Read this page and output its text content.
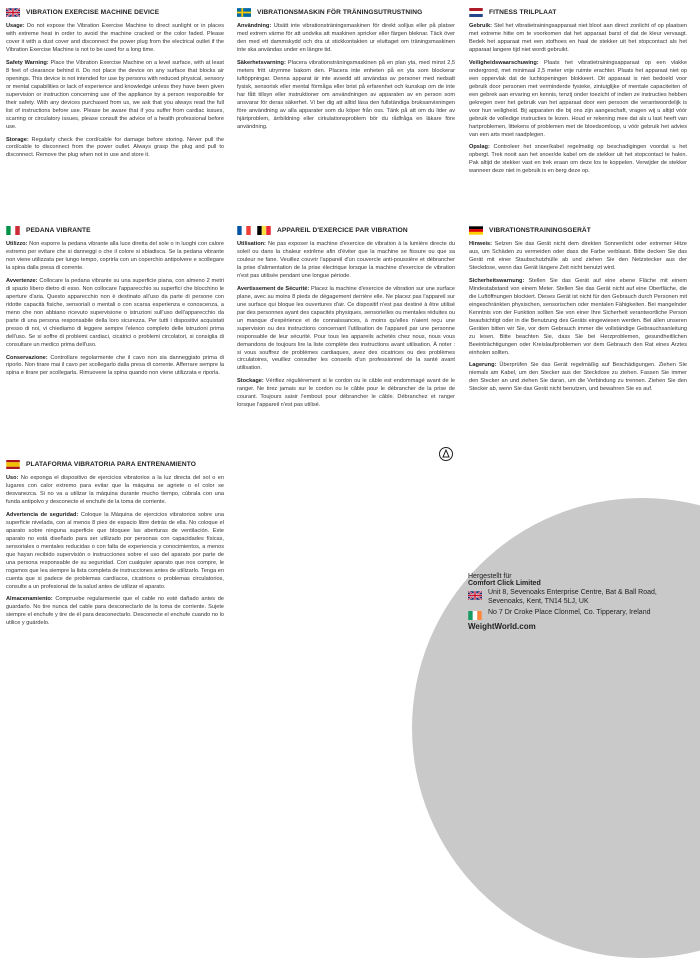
VIBRATION EXERCISE MACHINE DEVICE

Usage: Do not expose the Vibration Exercise Machine to direct sunlight or in places with extreme heat in order to avoid the machine cracked or the color faded. Please cover it with a dust cover and disconnect the power plug from the electrical outlet if the Vibration Exercise Machine is not to be used for a long time.

Safety Warning: Place the Vibration Exercise Machine on a level surface, with at least 8 feet of clearance behind it. Do not place the device on any surface that blocks air openings. This device is not intended for use by persons with reduced physical, sensory or mental capabilities or lack of experience and knowledge unless they have been given supervision or instruction concerning use of the appliance by a person responsible for their safety. With any devices purchased from us, we ask that you always read the full list of instructions before use. Please be aware that if you suffer from cardiac issues, scarring or circulatory issues, please consult the advice of a health professional before use.

Storage: Regularly check the cord/cable for damage before storing. Never pull the cord/cable to disconnect from the power outlet. Always grasp the plug and pull to disconnect. Remove the plug when not in use and store it.

VIBRATIONSMASKIN FÖR TRÄNINGSUTRUSTNING

Användning: Utsätt inte vibrationsträningsmaskinen för direkt solljus eller på platser med extrem värme för att undvika att maskinen spricker eller färgen bleknar. Täck över den med ett dammskydd och dra ut stickkontakten ur eluttaget om träningsmaskinen inte ska användas under en längre tid.

Säkerhetsvarning: Placera vibrationsträningsmaskinen på en plan yta, med minst 2,5 meters fritt utrymme bakom den. Placera inte enheten på en yta som blockerar luftöppningar. Denna apparat är inte avsedd att användas av personer med nedsatt fysisk, sensorisk eller mental förmåga eller brist på erfarenhet och kunskap om de inte har fått tillsyn eller instruktioner om användningen av apparaten av en person som ansvarar för deras säkerhet. Vi ber dig att alltid läsa den fullständiga bruksanvisningen före användning av alla apparater som du köper från oss. Tänk på att om du lider av hjärtproblem, ärrbildning eller cirkulationsproblem bör du rådfråga en läkare före användning.

FITNESS TRILPLAAT

Gebruik: Stel het vibratietrainingsapparaat niet bloot aan direct zonlicht of op plaatsen met extreme hitte om te voorkomen dat het apparaat barst of dat de kleur vervaagt. Bedek het apparaat met een stofhoes en haal de stekker uit het stopcontact als het apparaat langere tijd niet wordt gebruikt.

Veiligheidswaarschuwing: Plaats het vibratietrainingsapparaat op een vlakke ondergrond, met minimaal 2,5 meter vrije ruimte erachter. Plaats het apparaat niet op een oppervlak dat de luchtopeningen blokkeert. Dit apparaat is niet bedoeld voor gebruik door personen met verminderde fysieke, zintuiglijke of mentale capaciteiten of een gebrek aan ervaring en kennis, tenzij onder toezicht of indien ze instructies hebben gekregen over het gebruik van het apparaat door een persoon die verantwoordelijk is voor hun veiligheid. Bij apparaten die bij ons zijn aangeschaft, vragen wij u altijd vóór gebruik de volledige instructies te lezen. Houd er rekening mee dat als u last heeft van hartproblemen, littekens of problemen met de bloedsomloop, u vóór gebruik het advies van een arts moet raadplegen.

Opslag: Controleer het snoer/kabel regelmatig op beschadigingen voordat u het opbergt. Trek nooit aan het snoer/de kabel om de stekker uit het stopcontact te halen. Pak altijd de stekker vast en trek eraan om deze los te koppelen. Verwijder de stekker wanneer deze niet in gebruik is en berg deze op.

PEDANA VIBRANTE

Utilizzo: Non esporre la pedana vibrante alla luce diretta del sole o in luoghi con calore estremo per evitare che si danneggi o che il colore si sbiadisca. Se la pedana vibrante non viene utilizzata per lungo tempo, coprirla con un coperchio antipolvere e scollegare la spina dalla presa di corrente.

Avvertenze: Collocare la pedana vibrante su una superficie piana, con almeno 2 metri di spazio libero dietro di esso. Non collocare l'apparecchio su superfici che blocchino le aperture d'aria. Questo apparecchio non è destinato all'uso da parte di persone con ridotte capacità fisiche, sensoriali o mentali o con scarsa esperienza e conoscenza, a meno che non abbiano ricevuto supervisione o istruzioni sull'uso dell'apparecchio da parte di una persona responsabile della loro sicurezza. Per tutti i dispositivi acquistati presso di noi, vi chiediamo di leggere sempre l'elenco completo delle istruzioni prima dell'uso. Se si soffre di problemi cardiaci, cicatrici o problemi circolatori, si consiglia di consultare un medico prima dell'uso.

Conservazione: Controllare regolarmente che il cavo non sia danneggiato prima di riporlo. Non tirare mai il cavo per scollegarlo dalla presa di corrente. Afferrare sempre la spina e tirare per scollegarla. Rimuovere la spina quando non viene utilizzata e riporla.

APPAREIL D'EXERCICE PAR VIBRATION

Utilisation: Ne pas exposer la machine d'exercice de vibration à la lumière directe du soleil ou dans la chaleur extrême afin d'éviter que la machine se fissure ou que sa couleur ne fane. Veuillez couvrir l'appareil d'un couvercle anti-poussière et débrancher la prise d'alimentation de la prise électrique lorsque la machine d'exercice de vibration n'est pas utilisée pendant une longue période.

Avertissement de Sécurité: Placez la machine d'exercice de vibration sur une surface plane, avec au moins 8 pieds de dégagement derrière elle. Ne placez pas l'appareil sur une surface qui bloque les ouvertures d'air. Ce dispositif n'est pas destiné à être utilisé par des personnes ayant des capacités physiques, sensorielles ou mentales réduites ou un manque d'expérience et de connaissances, à moins qu'elles n'aient reçu une supervision ou des instructions concernant l'utilisation de l'appareil par une personne responsable de leur sécurité. Pour tous les appareils achetés chez nous, nous vous demandons de toujours lire la liste complète des instructions avant utilisation. À noter : si vous souffrez de problèmes cardiaques, avez des cicatrices ou des problèmes circulatoires, veuillez consulter les conseils d'un professionnel de la santé avant utilisation.

Stockage: Vérifiez régulièrement si le cordon ou le câble est endommagé avant de le ranger. Ne tirez jamais sur le cordon ou le câble pour le débrancher de la prise de courant. Toujours saisir l'embout pour débrancher le câble. Débranchez et ranger lorsque l'appareil n'est pas utilisé.

VIBRATIONSTRAININGSGERÄT

Hinweis: Setzen Sie das Gerät nicht dem direkten Sonnenlicht oder extremer Hitze aus, um Schäden zu vermeiden oder dass die Farbe verblasst. Bitte decken Sie das Gerät mit einer Staubschutzhülle ab und ziehen Sie den Netzstecker aus der Steckdose, wenn das Gerät längere Zeit nicht benutzt wird.

Sicherheitswarnung: Stellen Sie das Gerät auf eine ebene Fläche mit einem Mindestabstand von einem Meter. Stellen Sie das Gerät nicht auf eine Oberfläche, die die Luftöffnungen blockiert. Dieses Gerät ist nicht für den Gebrauch durch Personen mit eingeschränkten physischen, sensorischen oder mentalen Fähigkeiten. Bei mangelnder Kenntnis von der Funktion sollten Sie von einer Ihre Sicherheit verantwortliche Person beaufsichtigt oder in die Benutzung des Geräts eingewiesen werden. Bei allen unseren Geräten bitten wir Sie, vor dem Gebrauch immer die vollständige Gebrauchsanleitung zu lesen. Bitte beachten Sie, dass Sie bei Herzproblemen, gesundheitlichen Beeinträchtigungen oder Kreislaufproblemen vor dem Gebrauch den Rat eines Arztes einholen sollten.

Lagerung: Überprüfen Sie das Gerät regelmäßig auf Beschädigungen. Ziehen Sie niemals am Kabel, um den Stecker aus der Steckdose zu ziehen. Fassen Sie immer den Stecker an und ziehen Sie daran, um die Verbindung zu trennen. Ziehen Sie den Stecker ab, wenn Sie das Gerät nicht benutzen, und bewahren Sie es auf.

PLATAFORMA VIBRATORIA PARA ENTRENAMIENTO

Uso: No exponga el dispositivo de ejercicios vibratorios a la luz directa del sol o en lugares con calor extremo para evitar que la máquina se agriete o el color se desvanezca. Si no va a utilizar la máquina durante mucho tiempo, cúbrala con una funda antipolvo y desconecte el enchufe de la toma de corriente.

Advertencia de seguridad: Coloque la Máquina de ejercicios vibratorios sobre una superficie nivelada, con al menos 8 pies de espacio libre detrás de ella. No coloque el aparato sobre ninguna superficie que bloquee las aberturas de ventilación. Este aparato no está diseñado para ser utilizado por personas con capacidades físicas, sensoriales o mentales reducidas o con falta de experiencia y conocimientos, a menos que hayan recibido supervisión o instrucciones sobre el uso del aparato por parte de una persona responsable de su seguridad. Con cualquier aparato que nos compre, le rogamos que lea siempre la lista completa de instrucciones antes de utilizarlo. Tenga en cuenta que si padece de problemas cardíacos, cicatrices o problemas circulatorios, consulte a un profesional de la salud antes de utilizar el aparato.

Almacenamiento: Compruebe regularmente que el cable no esté dañado antes de guardarlo. No tire nunca del cable para desconectarlo de la toma de corriente. Sujete siempre el enchufe y tire de él para desconectarlo. Desconecte el enchufe cuando no lo utilice y guárdelo.

Hergestellt für
Comfort Click Limited
Unit 8, Sevenoaks Enterprise Centre, Bat & Ball Road, Sevenoaks, Kent, TN14 5LJ, UK
No 7 Dr Croke Place Clonmel, Co. Tipperary, Ireland
WeightWorld.com
